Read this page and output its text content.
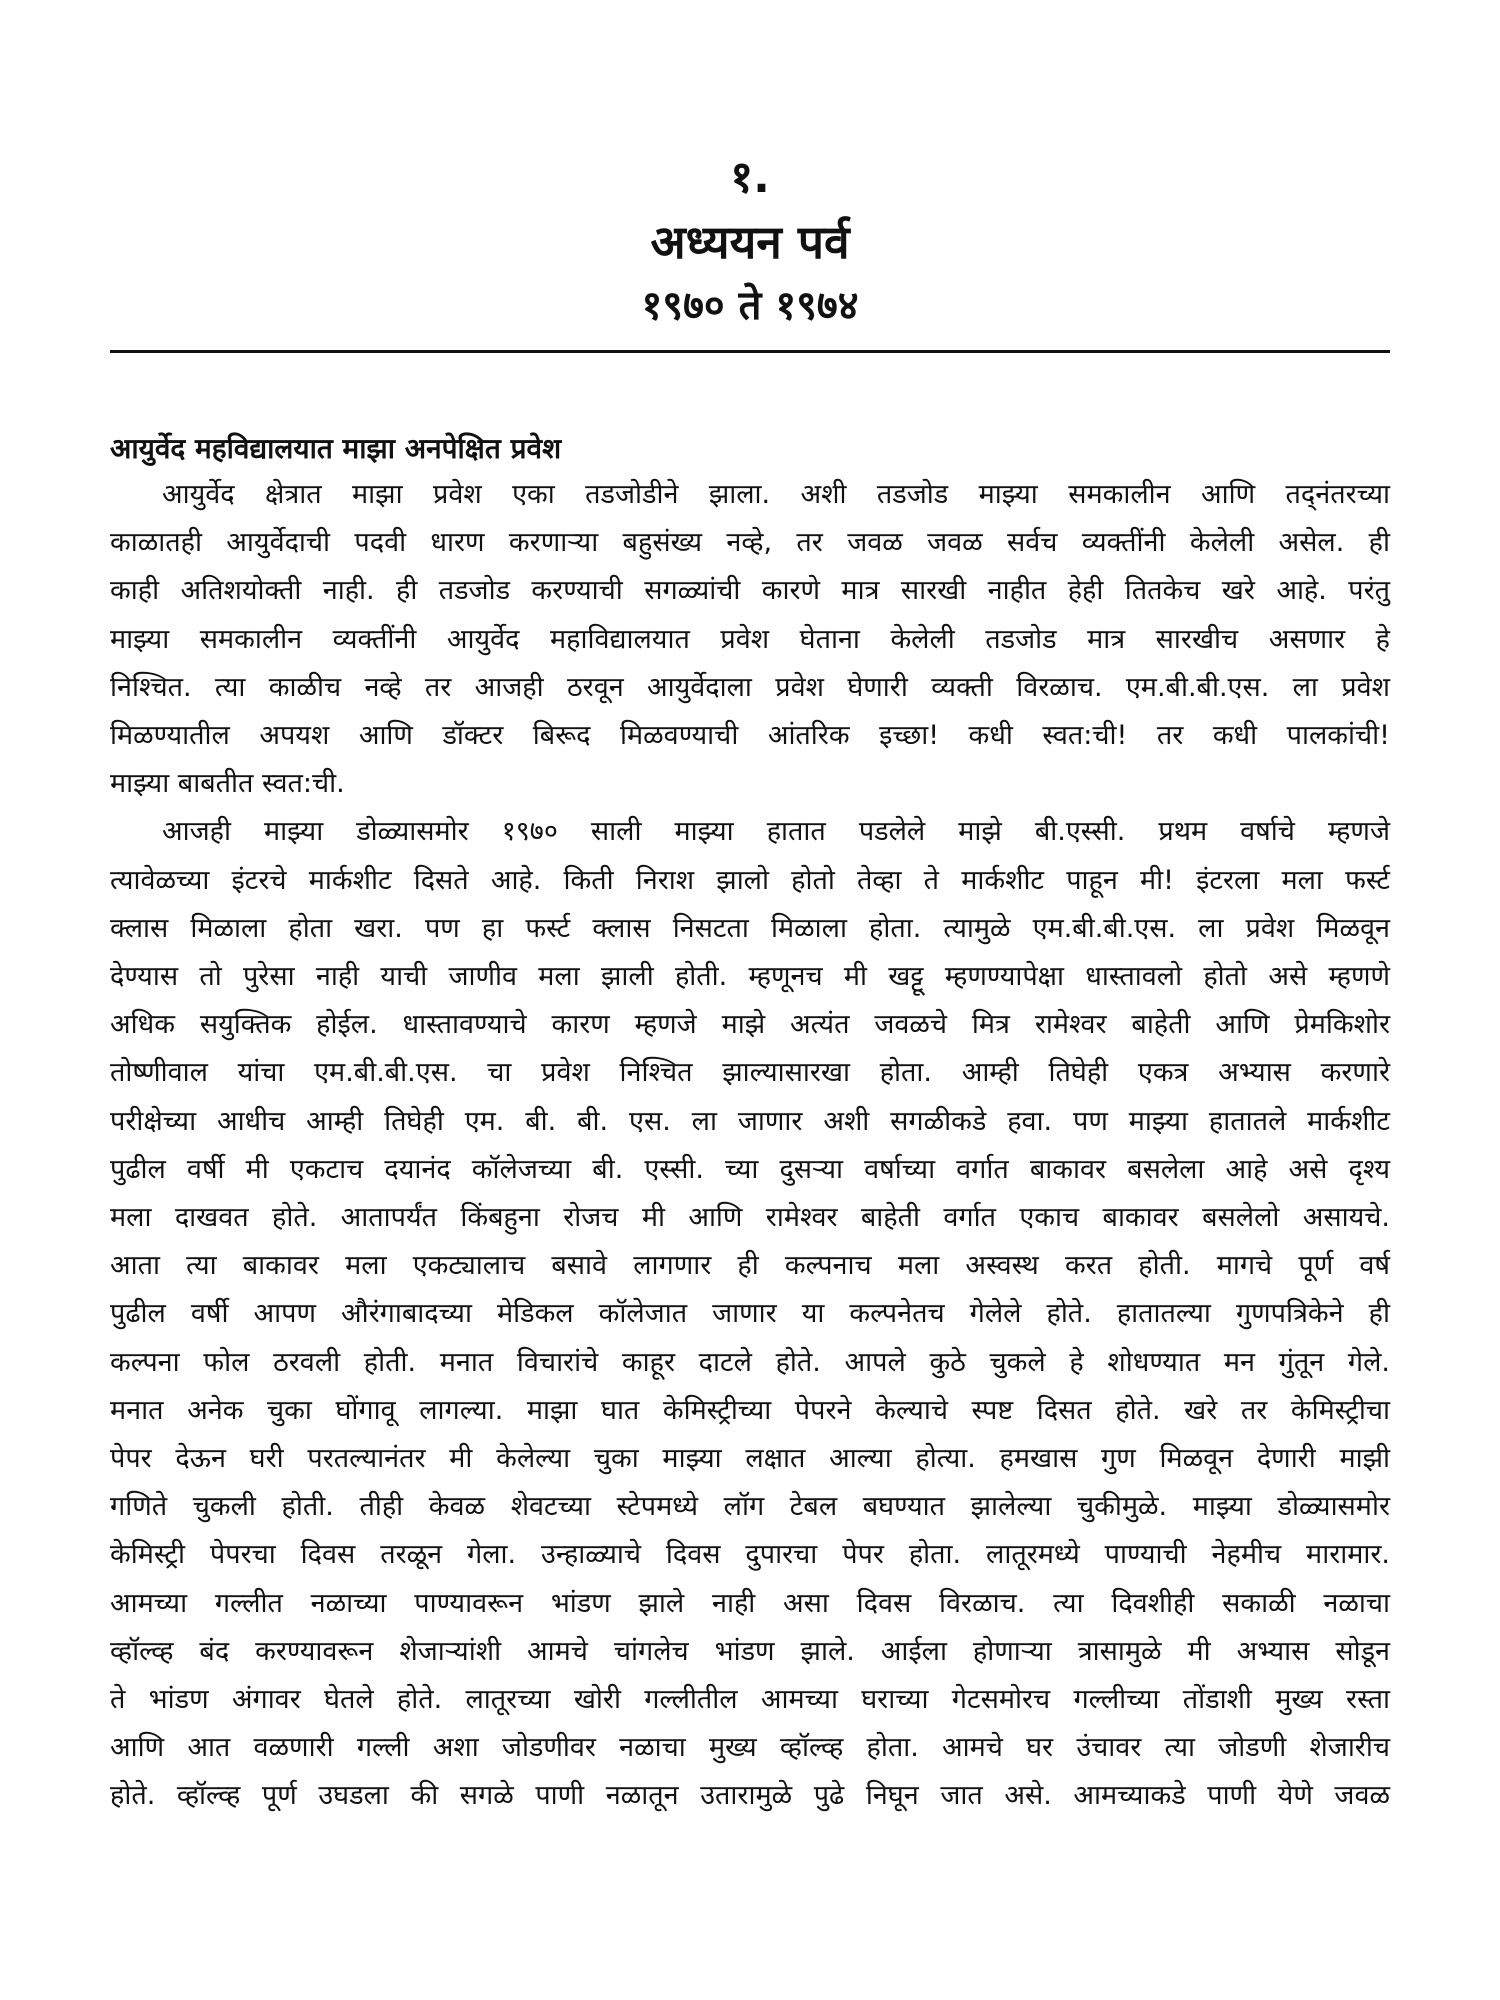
१.
अध्ययन पर्व
१९७० ते १९७४
आयुर्वेद महविद्यालयात माझा अनपेक्षित प्रवेश
आयुर्वेद क्षेत्रात माझा प्रवेश एका तडजोडीने झाला. अशी तडजोड माझ्या समकालीन आणि तद्नंतरच्या
काळातही आयुर्वेदाची पदवी धारण करणाऱ्या बहुसंख्य नव्हे, तर जवळ जवळ सर्वच व्यक्तींनी केलेली असेल. ही
काही अतिशयोक्ती नाही. ही तडजोड करण्याची सगळ्यांची कारणे मात्र सारखी नाहीत हेही तितकेच खरे आहे. परंतु
माझ्या समकालीन व्यक्तींनी आयुर्वेद महाविद्यालयात प्रवेश घेताना केलेली तडजोड मात्र सारखीच असणार हे
निश्चित. त्या काळीच नव्हे तर आजही ठरवून आयुर्वेदाला प्रवेश घेणारी व्यक्ती विरळाच. एम.बी.बी.एस. ला प्रवेश
मिळण्यातील अपयश आणि डॉक्टर बिरूद मिळवण्याची आंतरिक इच्छा! कधी स्वत:ची! तर कधी पालकांची!
माझ्या बाबतीत स्वत:ची.
आजही माझ्या डोळ्यासमोर १९७० साली माझ्या हातात पडलेले माझे बी.एस्सी. प्रथम वर्षाचे म्हणजे
त्यावेळच्या इंटरचे मार्कशीट दिसते आहे. किती निराश झालो होतो तेव्हा ते मार्कशीट पाहून मी! इंटरला मला फर्स्ट
क्लास मिळाला होता खरा. पण हा फर्स्ट क्लास निसटता मिळाला होता. त्यामुळे एम.बी.बी.एस. ला प्रवेश मिळवून
देण्यास तो पुरेसा नाही याची जाणीव मला झाली होती. म्हणूनच मी खट्टू म्हणण्यापेक्षा धास्तावलो होतो असे म्हणणे
अधिक सयुक्तिक होईल. धास्तावण्याचे कारण म्हणजे माझे अत्यंत जवळचे मित्र रामेश्वर बाहेती आणि प्रेमकिशोर
तोष्णीवाल यांचा एम.बी.बी.एस. चा प्रवेश निश्चित झाल्यासारखा होता. आम्ही तिघेही एकत्र अभ्यास करणारे
परीक्षेच्या आधीच आम्ही तिघेही एम. बी. बी. एस. ला जाणार अशी सगळीकडे हवा. पण माझ्या हातातले मार्कशीट
पुढील वर्षी मी एकटाच दयानंद कॉलेजच्या बी. एस्सी. च्या दुसऱ्या वर्षाच्या वर्गात बाकावर बसलेला आहे असे दृश्य
मला दाखवत होते. आतापर्यंत किंबहुना रोजच मी आणि रामेश्वर बाहेती वर्गात एकाच बाकावर बसलेलो असायचे.
आता त्या बाकावर मला एकट्यालाच बसावे लागणार ही कल्पनाच मला अस्वस्थ करत होती. मागचे पूर्ण वर्ष
पुढील वर्षी आपण औरंगाबादच्या मेडिकल कॉलेजात जाणार या कल्पनेतच गेलेले होते. हातातल्या गुणपत्रिकेने ही
कल्पना फोल ठरवली होती. मनात विचारांचे काहूर दाटले होते. आपले कुठे चुकले हे शोधण्यात मन गुंतून गेले.
मनात अनेक चुका घोंगावू लागल्या. माझा घात केमिस्ट्रीच्या पेपरने केल्याचे स्पष्ट दिसत होते. खरे तर केमिस्ट्रीचा
पेपर देऊन घरी परतल्यानंतर मी केलेल्या चुका माझ्या लक्षात आल्या होत्या. हमखास गुण मिळवून देणारी माझी
गणिते चुकली होती. तीही केवळ शेवटच्या स्टेपमध्ये लॉग टेबल बघण्यात झालेल्या चुकीमुळे. माझ्या डोळ्यासमोर
केमिस्ट्री पेपरचा दिवस तरळून गेला. उन्हाळ्याचे दिवस दुपारचा पेपर होता. लातूरमध्ये पाण्याची नेहमीच मारामार.
आमच्या गल्लीत नळाच्या पाण्यावरून भांडण झाले नाही असा दिवस विरळाच. त्या दिवशीही सकाळी नळाचा
व्हॉल्व्ह बंद करण्यावरून शेजाऱ्यांशी आमचे चांगलेच भांडण झाले. आईला होणाऱ्या त्रासामुळे मी अभ्यास सोडून
ते भांडण अंगावर घेतले होते. लातूरच्या खोरी गल्लीतील आमच्या घराच्या गेटसमोरच गल्लीच्या तोंडाशी मुख्य रस्ता
आणि आत वळणारी गल्ली अशा जोडणीवर नळाचा मुख्य व्हॉल्व्ह होता. आमचे घर उंचावर त्या जोडणी शेजारीच
होते. व्हॉल्व्ह पूर्ण उघडला की सगळे पाणी नळातून उतारामुळे पुढे निघून जात असे. आमच्याकडे पाणी येणे जवळ
